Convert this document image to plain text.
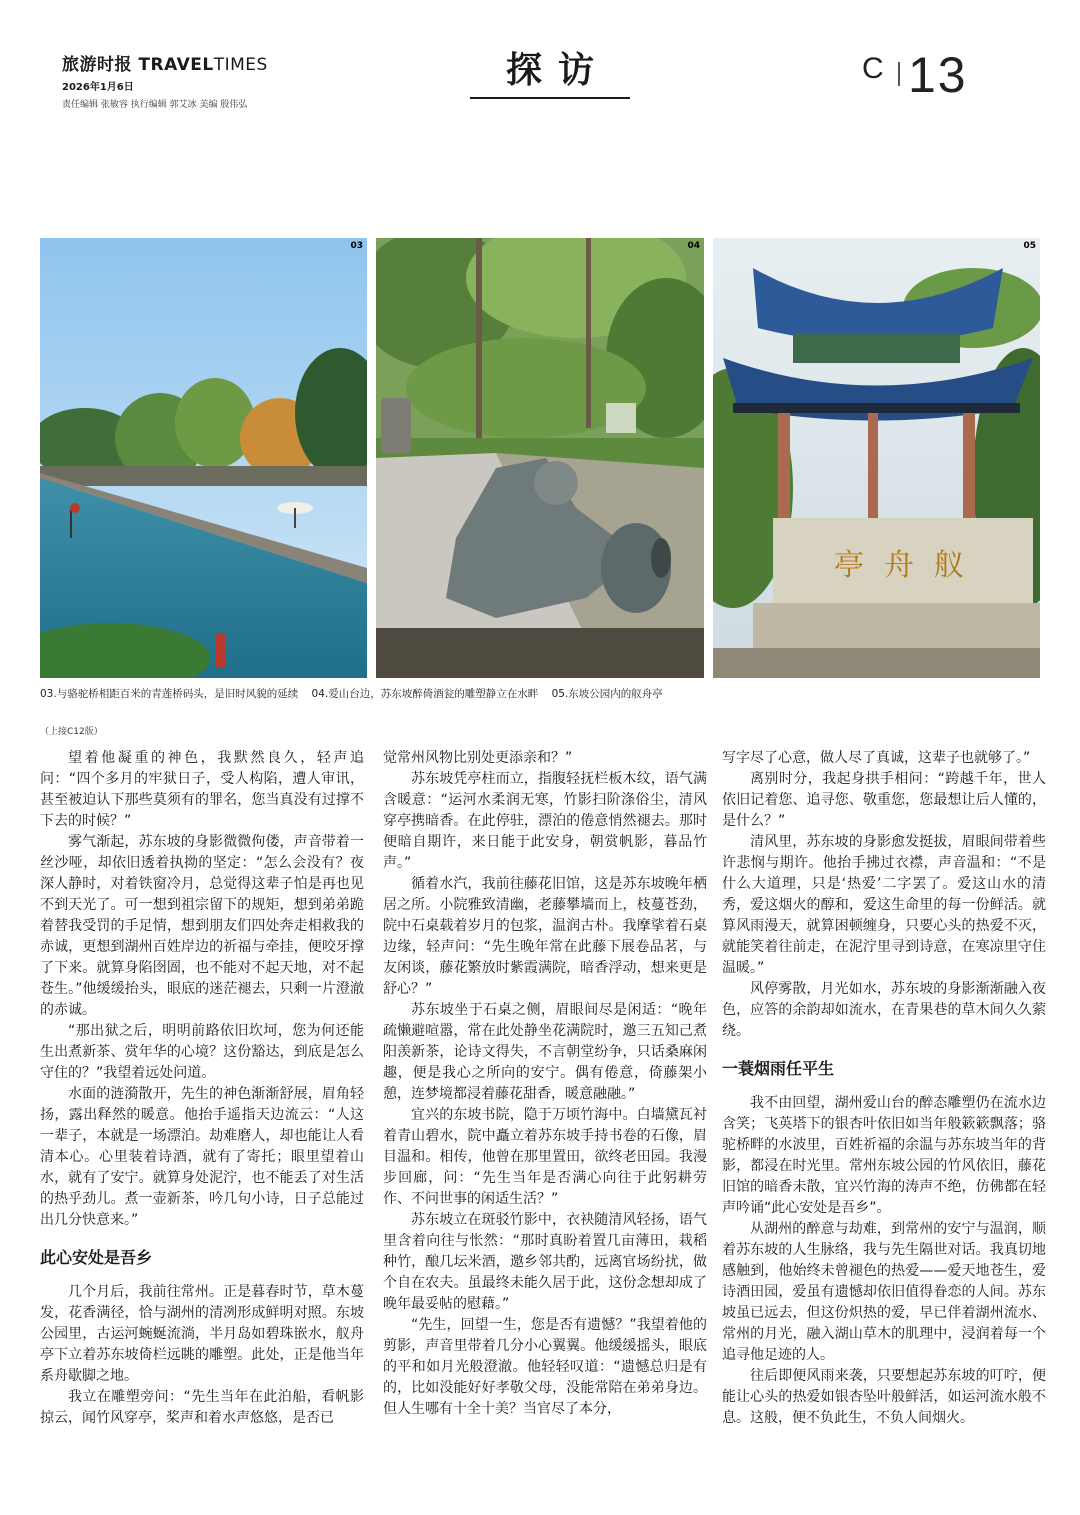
旅游时报 TRAVELTIMES
2026年1月6日
责任编辑 张敏容 执行编辑 郭艾冰 美编 殷伟弘
探访	C 13
03	04
舣舟亭
05
03.与骆驼桥相距百米的青莲桥码头，是旧时风貌的延续 04.爱山台边，苏东坡醉倚酒瓮的雕塑静立在水畔 05.东坡公园内的舣舟亭
（上接C12版）

望着他凝重的神色，我默然良久，轻声追问：“四个多月的牢狱日子，受人构陷，遭人审讯，甚至被迫认下那些莫须有的罪名，您当真没有过撑不下去的时候？”

雾气渐起，苏东坡的身影微微佝偻，声音带着一丝沙哑，却依旧透着执拗的坚定：“怎么会没有？夜深人静时，对着铁窗冷月，总觉得这辈子怕是再也见不到天光了。可一想到祖宗留下的规矩，想到弟弟跪着替我受罚的手足情，想到朋友们四处奔走相救我的赤诚，更想到湖州百姓岸边的祈福与牵挂，便咬牙撑了下来。就算身陷囹圄，也不能对不起天地，对不起苍生。”他缓缓抬头，眼底的迷茫褪去，只剩一片澄澈的赤诚。

“那出狱之后，明明前路依旧坎坷，您为何还能生出煮新茶、赏年华的心境？这份豁达，到底是怎么守住的？”我望着远处问道。

水面的涟漪散开，先生的神色渐渐舒展，眉角轻扬，露出释然的暖意。他抬手遥指天边流云：“人这一辈子，本就是一场漂泊。劫难磨人，却也能让人看清本心。心里装着诗酒，就有了寄托；眼里望着山水，就有了安宁。就算身处泥泞，也不能丢了对生活的热乎劲儿。煮一壶新茶，吟几句小诗，日子总能过出几分快意来。”

此心安处是吾乡

几个月后，我前往常州。正是暮春时节，草木蔓发，花香满径，恰与湖州的清冽形成鲜明对照。东坡公园里，古运河蜿蜒流淌，半月岛如碧珠嵌水，舣舟亭下立着苏东坡倚栏远眺的雕塑。此处，正是他当年系舟歇脚之地。

我立在雕塑旁问：“先生当年在此泊船，看帆影掠云，闻竹风穿亭，桨声和着水声悠悠，是否已

觉常州风物比别处更添亲和？”

苏东坡凭亭柱而立，指腹轻抚栏板木纹，语气满含暖意：“运河水柔润无寒，竹影扫阶涤俗尘，清风穿亭携暗香。在此停驻，漂泊的倦意悄然褪去。那时便暗自期许，来日能于此安身，朝赏帆影，暮品竹声。”

循着水汽，我前往藤花旧馆，这是苏东坡晚年栖居之所。小院雅致清幽，老藤攀墙而上，枝蔓苍劲，院中石桌载着岁月的包浆，温润古朴。我摩挲着石桌边缘，轻声问：“先生晚年常在此藤下展卷品茗，与友闲谈，藤花繁放时紫霞满院，暗香浮动，想来更是舒心？”

苏东坡坐于石桌之侧，眉眼间尽是闲适：“晚年疏懒避喧嚣，常在此处静坐花满院时，邀三五知己煮阳羡新茶，论诗文得失，不言朝堂纷争，只话桑麻闲趣，便是我心之所向的安宁。偶有倦意，倚藤架小憩，连梦境都浸着藤花甜香，暖意融融。”

宜兴的东坡书院，隐于万顷竹海中。白墙黛瓦衬着青山碧水，院中矗立着苏东坡手持书卷的石像，眉目温和。相传，他曾在那里置田，欲终老田园。我漫步回廊，问：“先生当年是否满心向往于此躬耕劳作、不问世事的闲适生活？”

苏东坡立在斑驳竹影中，衣袂随清风轻扬，语气里含着向往与怅然：“那时真盼着置几亩薄田，栽稻种竹，酿几坛米酒，邀乡邻共酌，远离官场纷扰，做个自在农夫。虽最终未能久居于此，这份念想却成了晚年最妥帖的慰藉。”

“先生，回望一生，您是否有遗憾？”我望着他的剪影，声音里带着几分小心翼翼。他缓缓摇头，眼底的平和如月光般澄澈。他轻轻叹道：“遗憾总归是有的，比如没能好好孝敬父母，没能常陪在弟弟身边。但人生哪有十全十美？当官尽了本分，

写字尽了心意，做人尽了真诚，这辈子也就够了。”

离别时分，我起身拱手相问：“跨越千年，世人依旧记着您、追寻您、敬重您，您最想让后人懂的，是什么？”

清风里，苏东坡的身影愈发挺拔，眉眼间带着些许悲悯与期许。他抬手拂过衣襟，声音温和：“不是什么大道理，只是‘热爱’二字罢了。爱这山水的清秀，爱这烟火的醇和，爱这生命里的每一份鲜活。就算风雨漫天，就算困顿缠身，只要心头的热爱不灭，就能笑着往前走，在泥泞里寻到诗意，在寒凉里守住温暖。”

风停雾散，月光如水，苏东坡的身影渐渐融入夜色，应答的余韵却如流水，在青果巷的草木间久久萦绕。

一蓑烟雨任平生

我不由回望，湖州爱山台的醉态雕塑仍在流水边含笑；飞英塔下的银杏叶依旧如当年般簌簌飘落；骆驼桥畔的水波里，百姓祈福的余温与苏东坡当年的背影，都浸在时光里。常州东坡公园的竹风依旧，藤花旧馆的暗香未散，宜兴竹海的涛声不绝，仿佛都在轻声吟诵“此心安处是吾乡”。

从湖州的醉意与劫难，到常州的安宁与温润，顺着苏东坡的人生脉络，我与先生隔世对话。我真切地感触到，他始终未曾褪色的热爱——爱天地苍生，爱诗酒田园，爱虽有遗憾却依旧值得眷恋的人间。苏东坡虽已远去，但这份炽热的爱，早已伴着湖州流水、常州的月光，融入湖山草木的肌理中，浸润着每一个追寻他足迹的人。

往后即便风雨来袭，只要想起苏东坡的叮咛，便能让心头的热爱如银杏坠叶般鲜活，如运河流水般不息。这般，便不负此生，不负人间烟火。
